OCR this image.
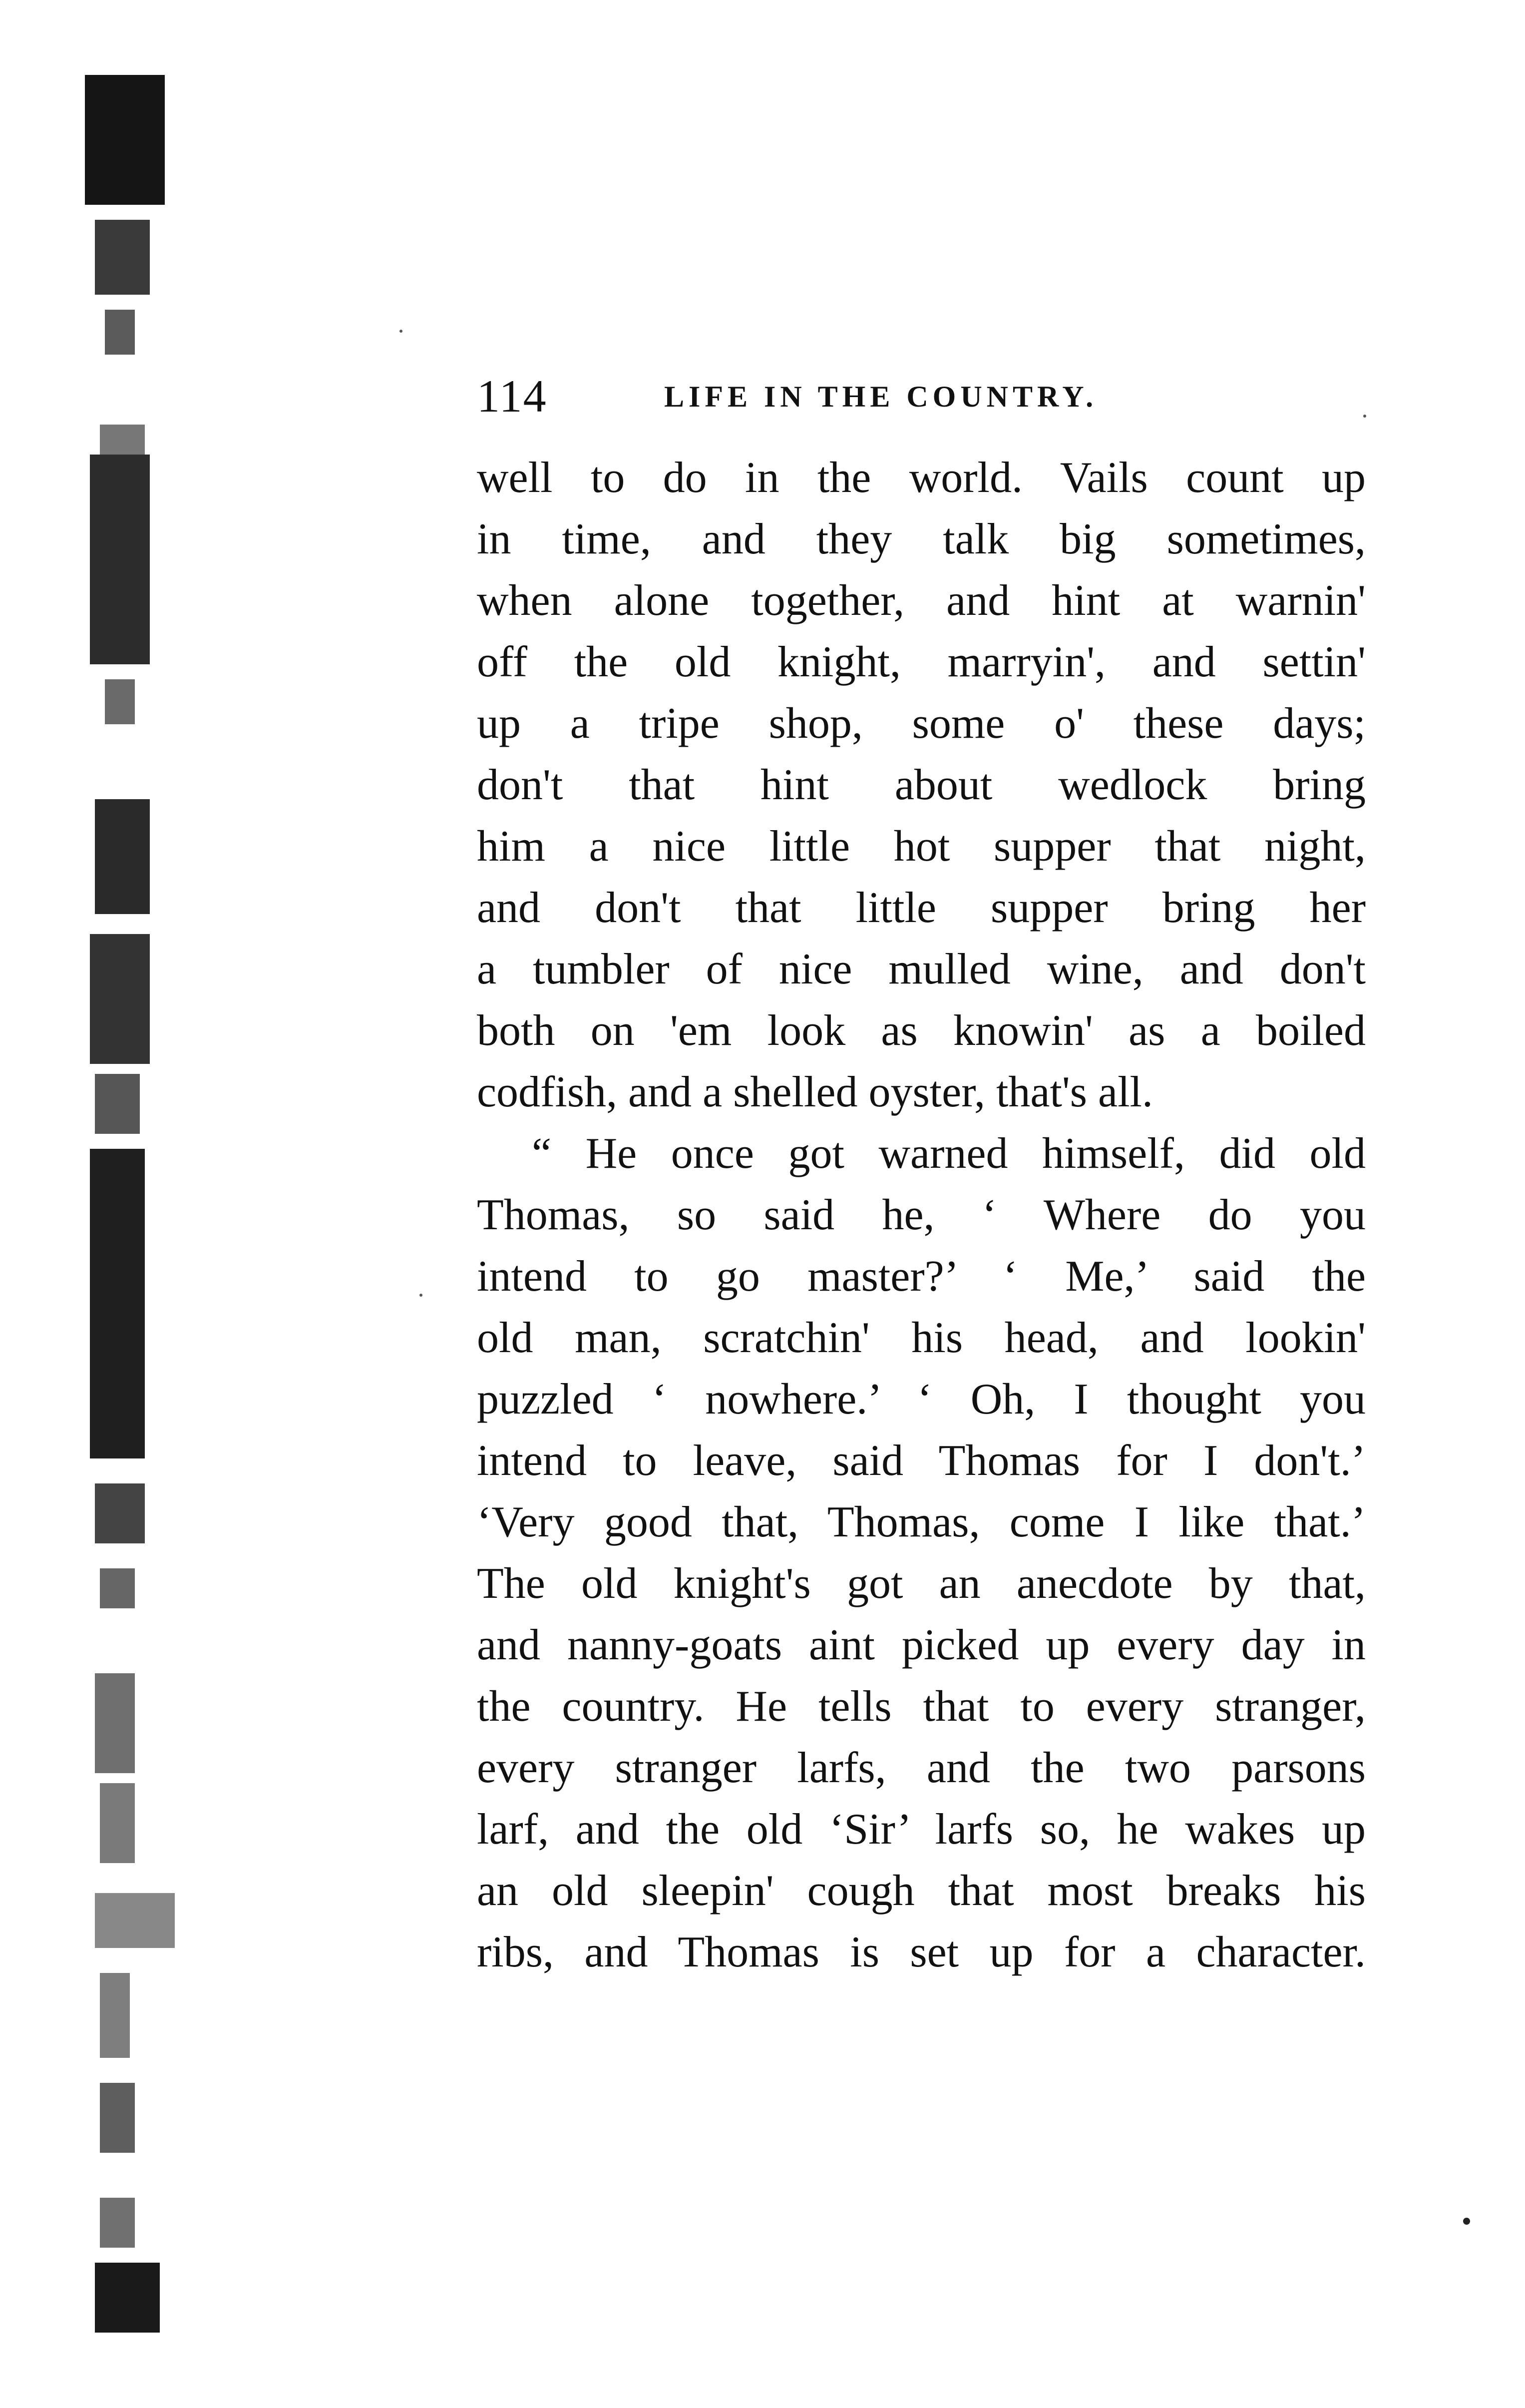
114	LIFE IN THE COUNTRY.
well to do in the world. Vails count up
in time, and they talk big sometimes,
when alone together, and hint at warnin'
off the old knight, marryin', and settin'
up a tripe shop, some o' these days;
don't that hint about wedlock bring
him a nice little hot supper that night,
and don't that little supper bring her
a tumbler of nice mulled wine, and don't
both on 'em look as knowin' as a boiled
codfish, and a shelled oyster, that's all.
“ He once got warned himself, did old
Thomas, so said he, ‘ Where do you
intend to go master?’ ‘ Me,’ said the
old man, scratchin' his head, and lookin'
puzzled ‘ nowhere.’ ‘ Oh, I thought you
intend to leave, said Thomas for I don't.’
‘Very good that, Thomas, come I like that.’
The old knight's got an anecdote by that,
and nanny-goats aint picked up every day in
the country. He tells that to every stranger,
every stranger larfs, and the two parsons
larf, and the old ‘Sir’ larfs so, he wakes up
an old sleepin' cough that most breaks his
ribs, and Thomas is set up for a character.
